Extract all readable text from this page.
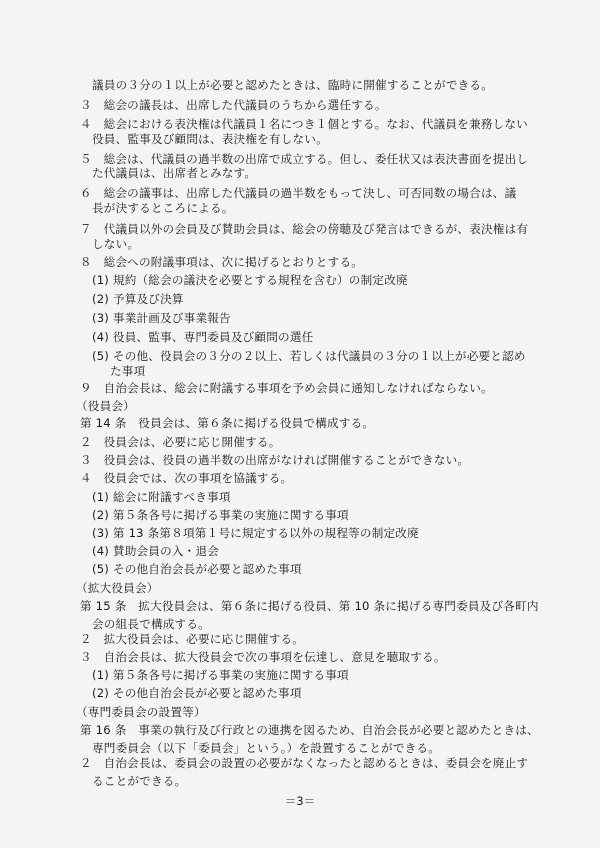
議員の３分の１以上が必要と認めたときは、臨時に開催することができる。
３　総会の議長は、出席した代議員のうちから選任する。
４　総会における表決権は代議員１名につき１個とする。なお、代議員を兼務しない
役員、監事及び顧問は、表決権を有しない。
５　総会は、代議員の過半数の出席で成立する。但し、委任状又は表決書面を提出し
た代議員は、出席者とみなす。
６　総会の議事は、出席した代議員の過半数をもって決し、可否同数の場合は、議
長が決するところによる。
７　代議員以外の会員及び賛助会員は、総会の傍聴及び発言はできるが、表決権は有
しない。
８　総会への附議事項は、次に掲げるとおりとする。
(1) 規約（総会の議決を必要とする規程を含む）の制定改廃
(2) 予算及び決算
(3) 事業計画及び事業報告
(4) 役員、監事、専門委員及び顧問の選任
(5) その他、役員会の３分の２以上、若しくは代議員の３分の１以上が必要と認め
た事項
９　自治会長は、総会に附議する事項を予め会員に通知しなければならない。
（役員会）
第 14 条　役員会は、第６条に掲げる役員で構成する。
２　役員会は、必要に応じ開催する。
３　役員会は、役員の過半数の出席がなければ開催することができない。
４　役員会では、次の事項を協議する。
(1) 総会に附議すべき事項
(2) 第５条各号に掲げる事業の実施に関する事項
(3) 第 13 条第８項第１号に規定する以外の規程等の制定改廃
(4) 賛助会員の入・退会
(5) その他自治会長が必要と認めた事項
（拡大役員会）
第 15 条　拡大役員会は、第６条に掲げる役員、第 10 条に掲げる専門委員及び各町内
会の組長で構成する。
２　拡大役員会は、必要に応じ開催する。
３　自治会長は、拡大役員会で次の事項を伝達し、意見を聴取する。
(1) 第５条各号に掲げる事業の実施に関する事項
(2) その他自治会長が必要と認めた事項
（専門委員会の設置等）
第 16 条　事業の執行及び行政との連携を図るため、自治会長が必要と認めたときは、
専門委員会（以下「委員会」という。）を設置することができる。
２　自治会長は、委員会の設置の必要がなくなったと認めるときは、委員会を廃止す
ることができる。
＝3＝
